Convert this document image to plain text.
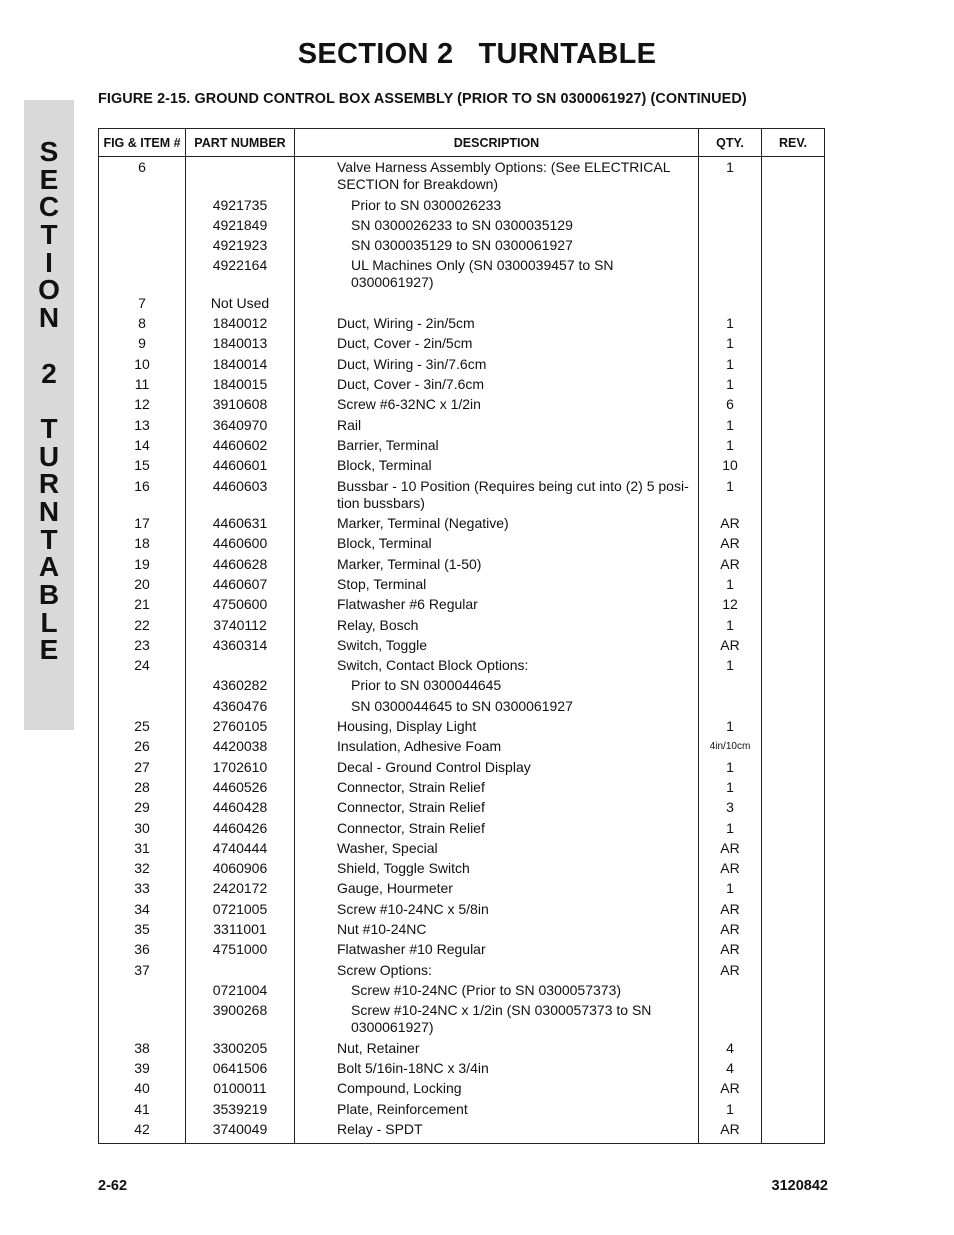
SECTION 2   TURNTABLE
S
E
C
T
I
O
N
2
T
U
R
N
T
A
B
L
E
FIGURE 2-15. GROUND CONTROL BOX ASSEMBLY (PRIOR TO SN 0300061927) (CONTINUED)
FIG & ITEM #	PART NUMBER	DESCRIPTION	QTY.	REV.
6		Valve Harness Assembly Options: (See ELECTRICAL SECTION for Breakdown)	1	
	4921735	Prior to SN 0300026233		
	4921849	SN 0300026233 to SN 0300035129		
	4921923	SN 0300035129 to SN 0300061927		
	4922164	UL Machines Only (SN 0300039457 to SN 0300061927)		
7	Not Used			
8	1840012	Duct, Wiring - 2in/5cm	1	
9	1840013	Duct, Cover - 2in/5cm	1	
10	1840014	Duct, Wiring - 3in/7.6cm	1	
11	1840015	Duct, Cover - 3in/7.6cm	1	
12	3910608	Screw #6-32NC x 1/2in	6	
13	3640970	Rail	1	
14	4460602	Barrier, Terminal	1	
15	4460601	Block, Terminal	10	
16	4460603	Bussbar - 10 Position (Requires being cut into (2) 5 posi-tion bussbars)	1	
17	4460631	Marker, Terminal (Negative)	AR	
18	4460600	Block, Terminal	AR	
19	4460628	Marker, Terminal (1-50)	AR	
20	4460607	Stop, Terminal	1	
21	4750600	Flatwasher #6 Regular	12	
22	3740112	Relay, Bosch	1	
23	4360314	Switch, Toggle	AR	
24		Switch, Contact Block Options:	1	
	4360282	Prior to SN 0300044645		
	4360476	SN 0300044645 to SN 0300061927		
25	2760105	Housing, Display Light	1	
26	4420038	Insulation, Adhesive Foam	4in/10cm	
27	1702610	Decal - Ground Control Display	1	
28	4460526	Connector, Strain Relief	1	
29	4460428	Connector, Strain Relief	3	
30	4460426	Connector, Strain Relief	1	
31	4740444	Washer, Special	AR	
32	4060906	Shield, Toggle Switch	AR	
33	2420172	Gauge, Hourmeter	1	
34	0721005	Screw #10-24NC x 5/8in	AR	
35	3311001	Nut #10-24NC	AR	
36	4751000	Flatwasher #10 Regular	AR	
37		Screw Options:	AR	
	0721004	Screw #10-24NC (Prior to SN 0300057373)		
	3900268	Screw #10-24NC x 1/2in (SN 0300057373 to SN 0300061927)		
38	3300205	Nut, Retainer	4	
39	0641506	Bolt 5/16in-18NC x 3/4in	4	
40	0100011	Compound, Locking	AR	
41	3539219	Plate, Reinforcement	1	
42	3740049	Relay - SPDT	AR	
2-62	3120842
